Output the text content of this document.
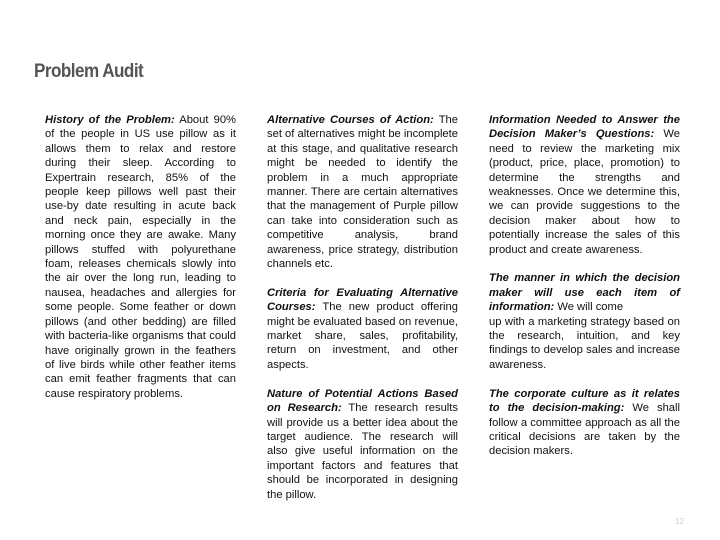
Problem Audit

History of the Problem: About 90% of the people in US use pillow as it allows them to relax and restore during their sleep. According to Expertrain research, 85% of the people keep pillows well past their use-by date resulting in acute back and neck pain, especially in the morning once they are awake. Many pillows stuffed with polyurethane foam, releases chemicals slowly into the air over the long run, leading to nausea, headaches and allergies for some people. Some feather or down pillows (and other bedding) are filled with bacteria-like organisms that could have originally grown in the feathers of live birds while other feather items can emit feather fragments that can cause respiratory problems.

Alternative Courses of Action: The set of alternatives might be incomplete at this stage, and qualitative research might be needed to identify the problem in a much appropriate manner. There are certain alternatives that the management of Purple pillow can take into consideration such as competitive analysis, brand awareness, price strategy, distribution channels etc.

Criteria for Evaluating Alternative Courses: The new product offering might be evaluated based on revenue, market share, sales, profitability, return on investment, and other aspects.

Nature of Potential Actions Based on Research: The research results will provide us a better idea about the target audience. The research will also give useful information on the important factors and features that should be incorporated in designing the pillow.

Information Needed to Answer the Decision Maker’s Questions: We need to review the marketing mix (product, price, place, promotion) to determine the strengths and weaknesses. Once we determine this, we can provide suggestions to the decision maker about how to potentially increase the sales of this product and create awareness.

The manner in which the decision maker will use each item of information: We will come
up with a marketing strategy based on the research, intuition, and key findings to develop sales and increase awareness.

The corporate culture as it relates to the decision-making: We shall follow a committee approach as all the critical decisions are taken by the decision makers.

12
